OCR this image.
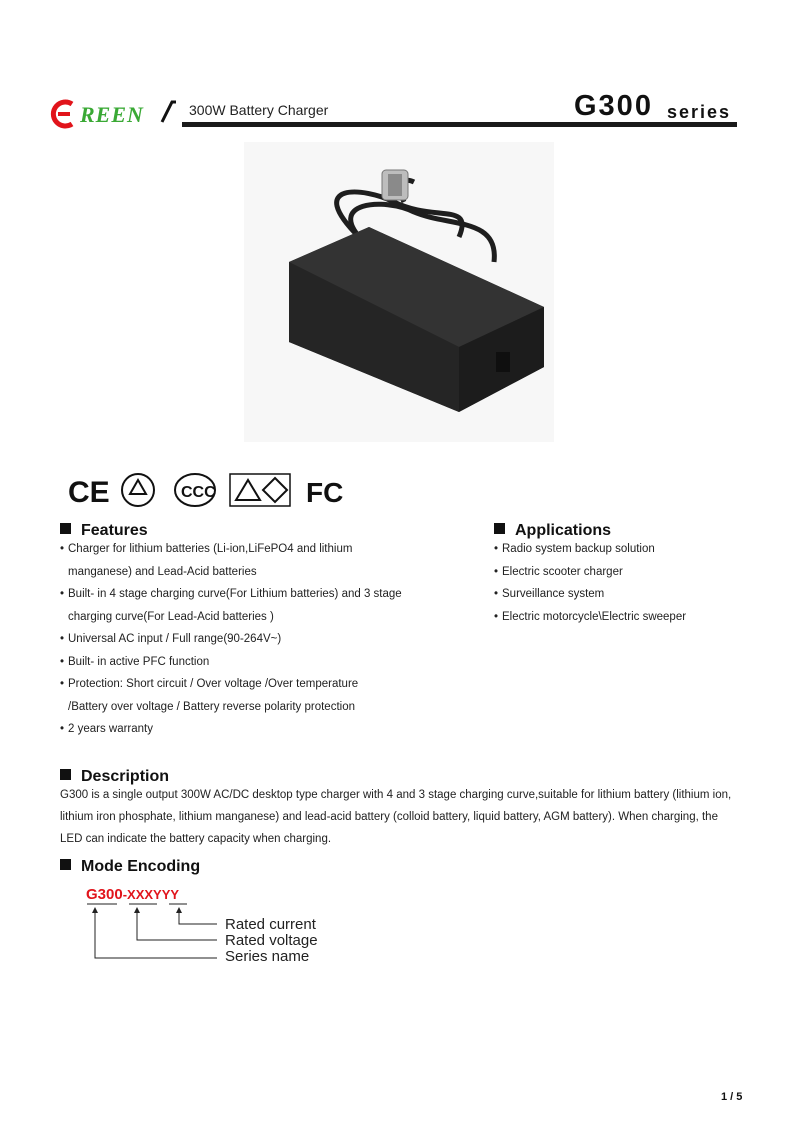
REEN	300W Battery Charger	G300 series
CE	CCC	FC
Features
• Charger for lithium batteries (Li-ion,LiFePO4 and lithium
manganese) and Lead-Acid batteries
• Built- in 4 stage charging curve(For Lithium batteries) and 3 stage
charging curve(For Lead-Acid batteries )
• Universal AC input / Full range(90-264V~)
• Built- in active PFC function
• Protection: Short circuit / Over voltage /Over temperature
/Battery over voltage / Battery reverse polarity protection
• 2 years warranty
Applications
• Radio system backup solution
• Electric scooter charger
• Surveillance system
• Electric motorcycle\Electric sweeper
Description
G300 is a single output 300W AC/DC desktop type charger with 4 and 3 stage charging curve,suitable for lithium battery (lithium ion, lithium iron phosphate, lithium manganese) and lead-acid battery (colloid battery, liquid battery, AGM battery). When charging, the LED can indicate the battery capacity when charging.
Mode Encoding
G300-XXXYYY
Rated current
Rated voltage
Series name
1 / 5
